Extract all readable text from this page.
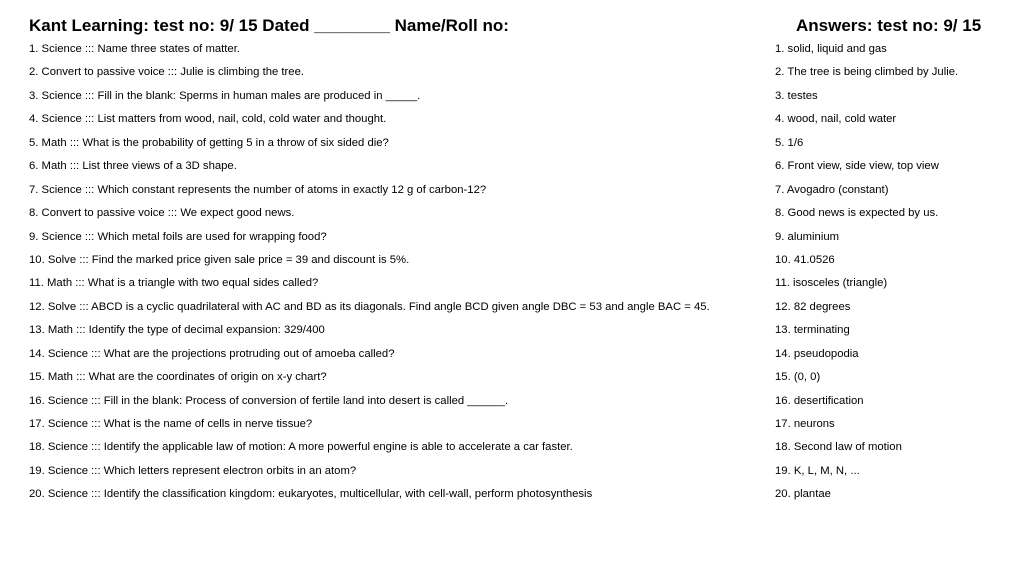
Kant Learning: test no: 9/ 15 Dated ________ Name/Roll no:	Answers: test no: 9/ 15
1. Science ::: Name three states of matter.
2. Convert to passive voice ::: Julie is climbing the tree.
3. Science ::: Fill in the blank: Sperms in human males are produced in _____.
4. Science ::: List matters from wood, nail, cold, cold water and thought.
5. Math ::: What is the probability of getting 5 in a throw of six sided die?
6. Math ::: List three views of a 3D shape.
7. Science ::: Which constant represents the number of atoms in exactly 12 g of carbon-12?
8. Convert to passive voice ::: We expect good news.
9. Science ::: Which metal foils are used for wrapping food?
10. Solve ::: Find the marked price given sale price = 39 and discount is 5%.
11. Math ::: What is a triangle with two equal sides called?
12. Solve ::: ABCD is a cyclic quadrilateral with AC and BD as its diagonals. Find angle BCD given angle DBC = 53 and angle BAC = 45.
13. Math ::: Identify the type of decimal expansion: 329/400
14. Science ::: What are the projections protruding out of amoeba called?
15. Math ::: What are the coordinates of origin on x-y chart?
16. Science ::: Fill in the blank: Process of conversion of fertile land into desert is called ______.
17. Science ::: What is the name of cells in nerve tissue?
18. Science ::: Identify the applicable law of motion: A more powerful engine is able to accelerate a car faster.
19. Science ::: Which letters represent electron orbits in an atom?
20. Science ::: Identify the classification kingdom: eukaryotes, multicellular, with cell-wall, perform photosynthesis
1. solid, liquid and gas
2. The tree is being climbed by Julie.
3. testes
4. wood, nail, cold water
5. 1/6
6. Front view, side view, top view
7. Avogadro (constant)
8. Good news is expected by us.
9. aluminium
10. 41.0526
11. isosceles (triangle)
12. 82 degrees
13. terminating
14. pseudopodia
15. (0, 0)
16. desertification
17. neurons
18. Second law of motion
19. K, L, M, N, ...
20. plantae
